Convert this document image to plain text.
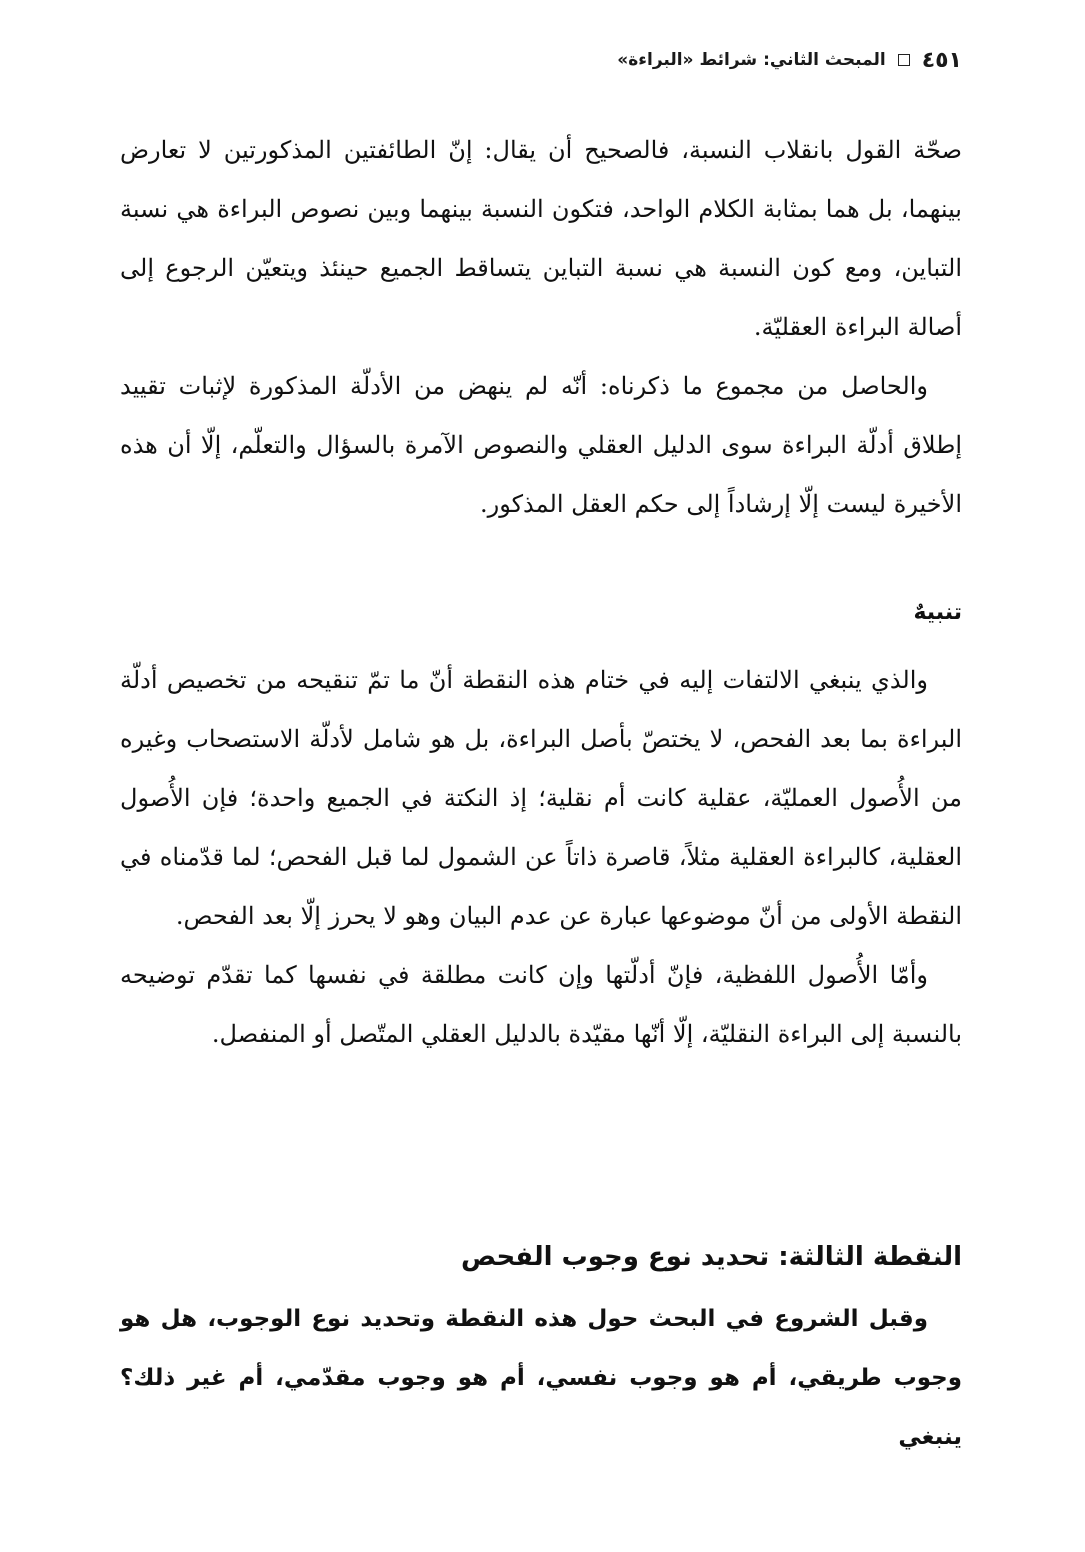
المبحث الثاني: شرائط «البراءة» ٤٥١

صحّة القول بانقلاب النسبة، فالصحيح أن يقال: إنّ الطائفتين المذكورتين لا تعارض بينهما، بل هما بمثابة الكلام الواحد، فتكون النسبة بينهما وبين نصوص البراءة هي نسبة التباين، ومع كون النسبة هي نسبة التباين يتساقط الجميع حينئذ ويتعيّن الرجوع إلى أصالة البراءة العقليّة.

والحاصل من مجموع ما ذكرناه: أنّه لم ينهض من الأدلّة المذكورة لإثبات تقييد إطلاق أدلّة البراءة سوى الدليل العقلي والنصوص الآمرة بالسؤال والتعلّم، إلّا أن هذه الأخيرة ليست إلّا إرشاداً إلى حكم العقل المذكور.

تنبيهٌ

والذي ينبغي الالتفات إليه في ختام هذه النقطة أنّ ما تمّ تنقيحه من تخصيص أدلّة البراءة بما بعد الفحص، لا يختصّ بأصل البراءة، بل هو شامل لأدلّة الاستصحاب وغيره من الأُصول العمليّة، عقلية كانت أم نقلية؛ إذ النكتة في الجميع واحدة؛ فإن الأُصول العقلية، كالبراءة العقلية مثلاً، قاصرة ذاتاً عن الشمول لما قبل الفحص؛ لما قدّمناه في النقطة الأولى من أنّ موضوعها عبارة عن عدم البيان وهو لا يحرز إلّا بعد الفحص.

وأمّا الأُصول اللفظية، فإنّ أدلّتها وإن كانت مطلقة في نفسها كما تقدّم توضيحه بالنسبة إلى البراءة النقليّة، إلّا أنّها مقيّدة بالدليل العقلي المتّصل أو المنفصل.

النقطة الثالثة: تحديد نوع وجوب الفحص

وقبل الشروع في البحث حول هذه النقطة وتحديد نوع الوجوب، هل هو وجوب طريقي، أم هو وجوب نفسي، أم هو وجوب مقدّمي، أم غير ذلك؟ ينبغي
